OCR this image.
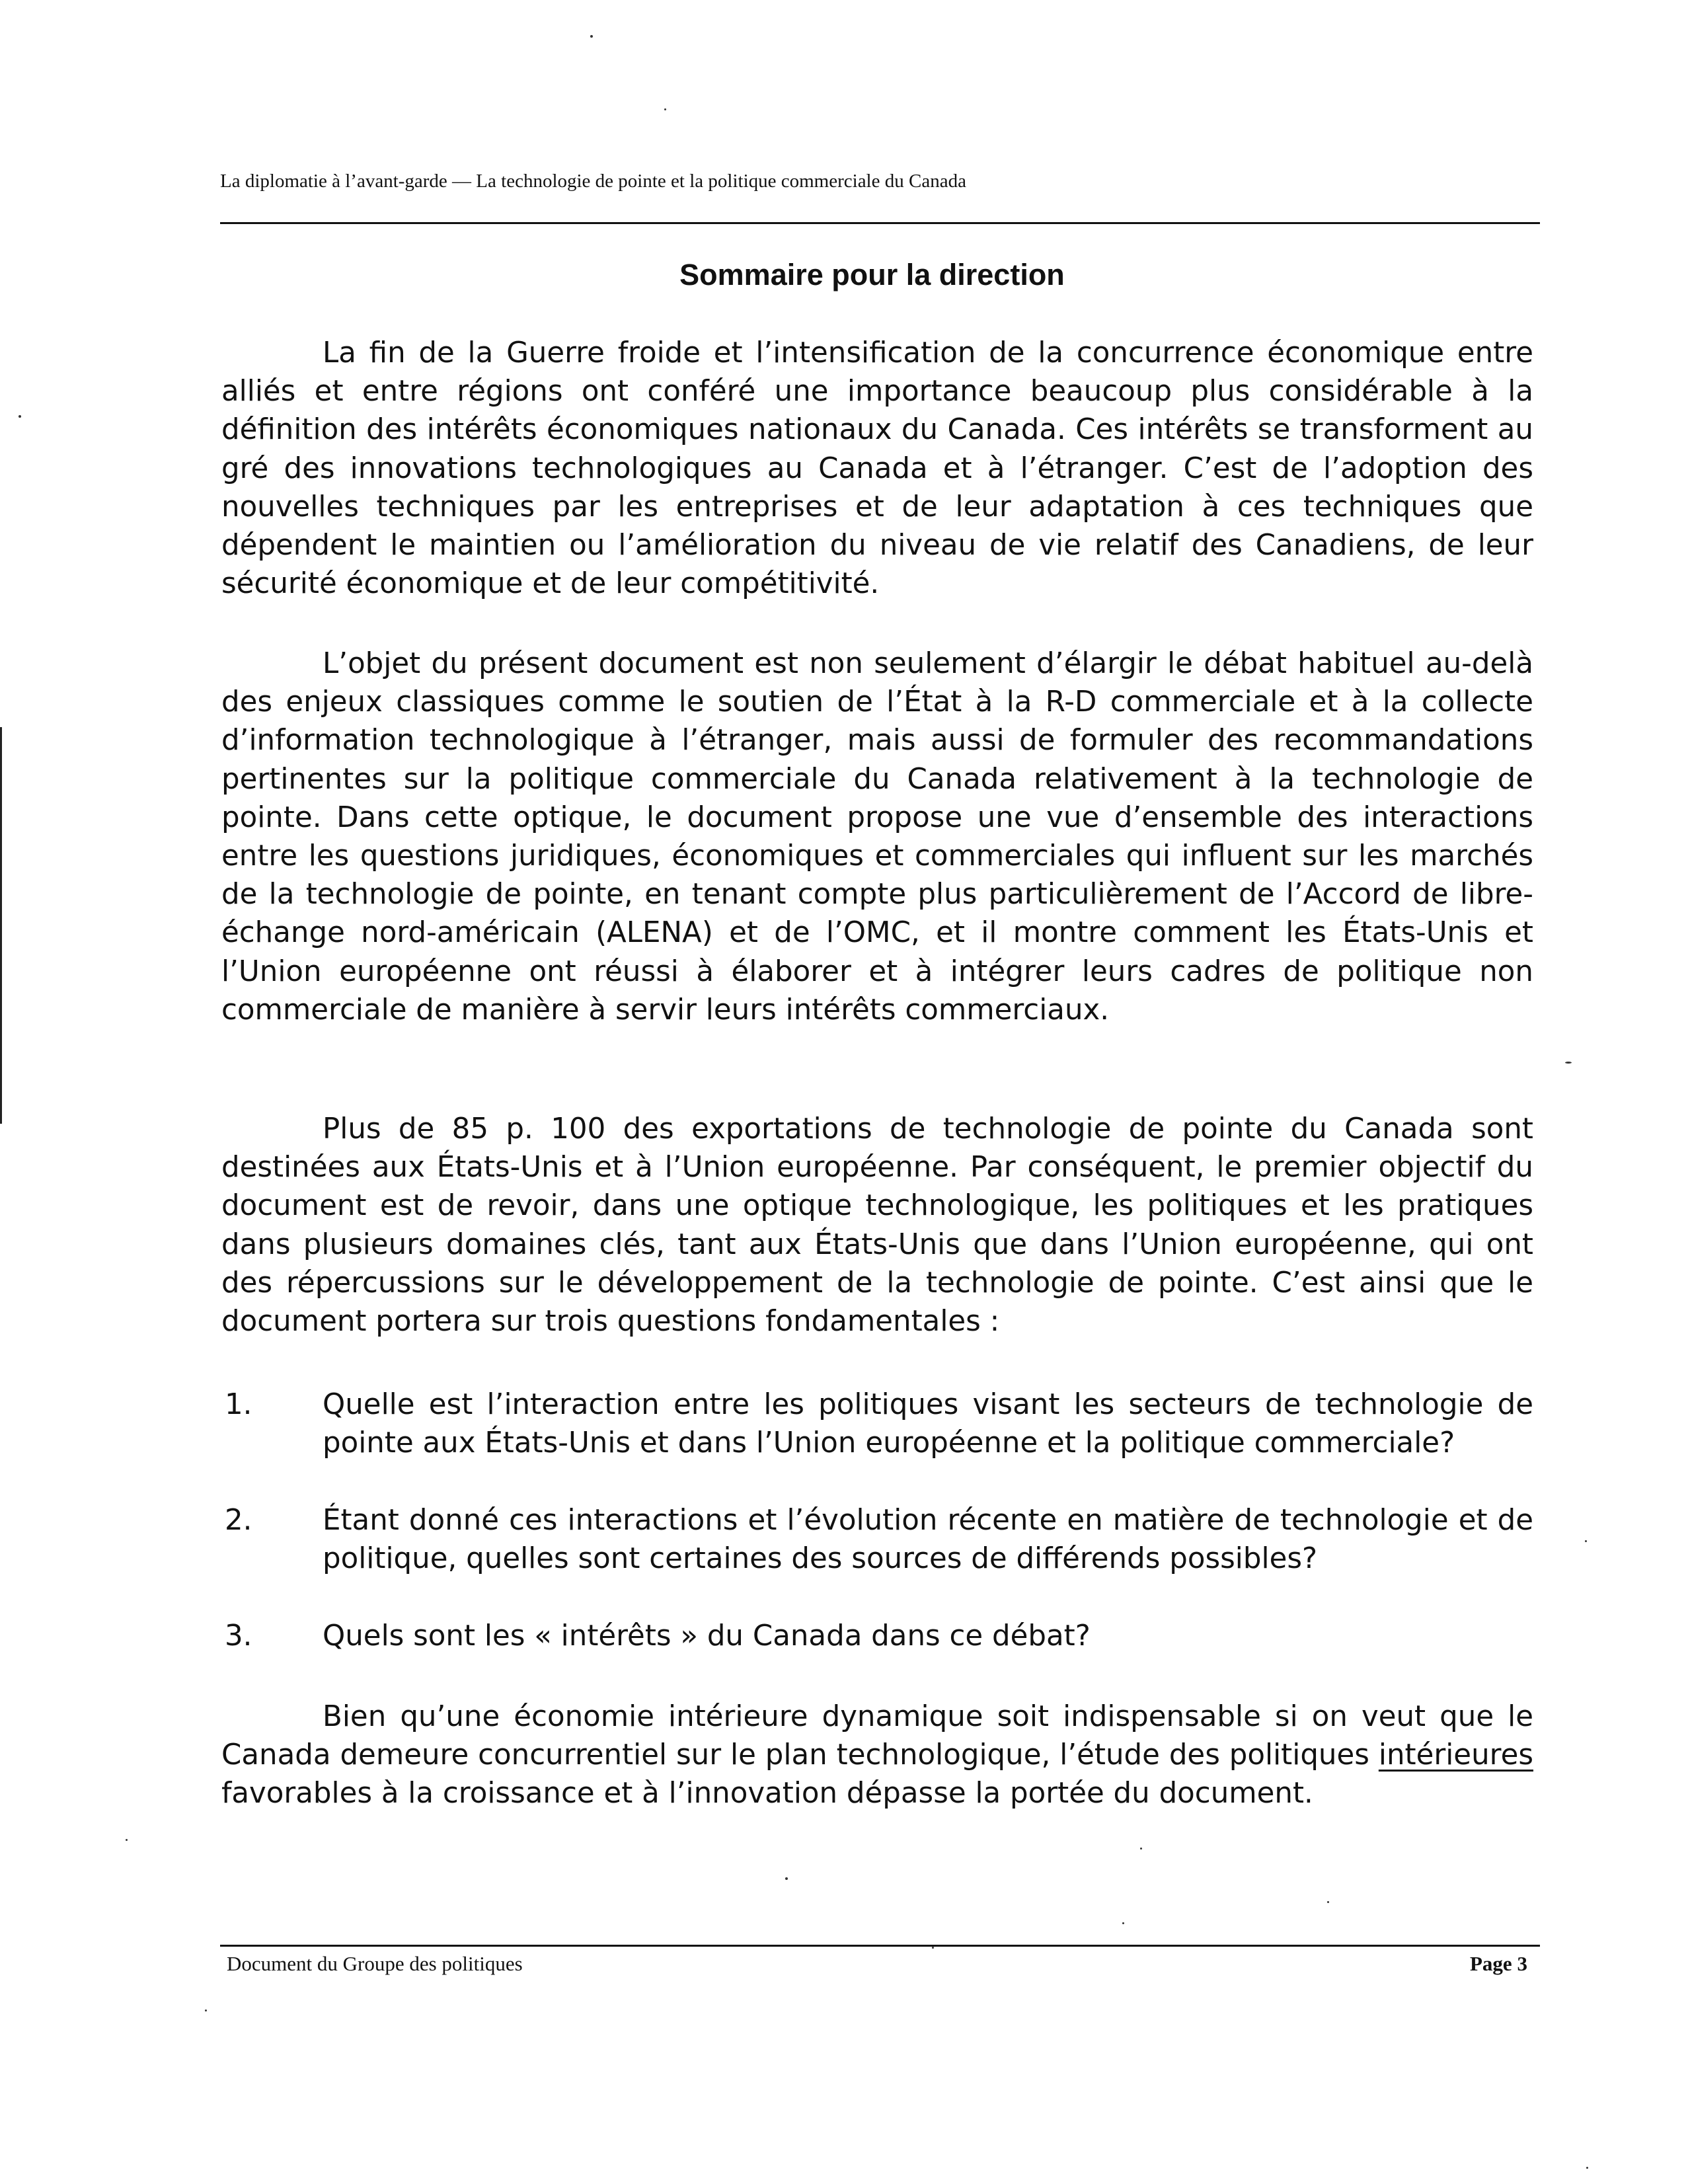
La diplomatie à l’avant-garde — La technologie de pointe et la politique commerciale du Canada
Sommaire pour la direction

La fin de la Guerre froide et l’intensification de la concurrence économique entre alliés et entre régions ont conféré une importance beaucoup plus considérable à la définition des intérêts économiques nationaux du Canada. Ces intérêts se transforment au gré des innovations technologiques au Canada et à l’étranger. C’est de l’adoption des nouvelles techniques par les entreprises et de leur adaptation à ces techniques que dépendent le maintien ou l’amélioration du niveau de vie relatif des Canadiens, de leur sécurité économique et de leur compétitivité.

L’objet du présent document est non seulement d’élargir le débat habituel au-delà des enjeux classiques comme le soutien de l’État à la R-D commerciale et à la collecte d’information technologique à l’étranger, mais aussi de formuler des recommandations pertinentes sur la politique commerciale du Canada relativement à la technologie de pointe. Dans cette optique, le document propose une vue d’ensemble des interactions entre les questions juridiques, économiques et commerciales qui influent sur les marchés de la technologie de pointe, en tenant compte plus particulièrement de l’Accord de libre-échange nord-américain (ALENA) et de l’OMC, et il montre comment les États-Unis et l’Union européenne ont réussi à élaborer et à intégrer leurs cadres de politique non commerciale de manière à servir leurs intérêts commerciaux.

Plus de 85 p. 100 des exportations de technologie de pointe du Canada sont destinées aux États-Unis et à l’Union européenne. Par conséquent, le premier objectif du document est de revoir, dans une optique technologique, les politiques et les pratiques dans plusieurs domaines clés, tant aux États-Unis que dans l’Union européenne, qui ont des répercussions sur le développement de la technologie de pointe. C’est ainsi que le document portera sur trois questions fondamentales :

1. Quelle est l’interaction entre les politiques visant les secteurs de technologie de pointe aux États-Unis et dans l’Union européenne et la politique commerciale?
2. Étant donné ces interactions et l’évolution récente en matière de technologie et de politique, quelles sont certaines des sources de différends possibles?
3. Quels sont les « intérêts » du Canada dans ce débat?

Bien qu’une économie intérieure dynamique soit indispensable si on veut que le Canada demeure concurrentiel sur le plan technologique, l’étude des politiques intérieures favorables à la croissance et à l’innovation dépasse la portée du document.

Document du Groupe des politiques	Page 3
